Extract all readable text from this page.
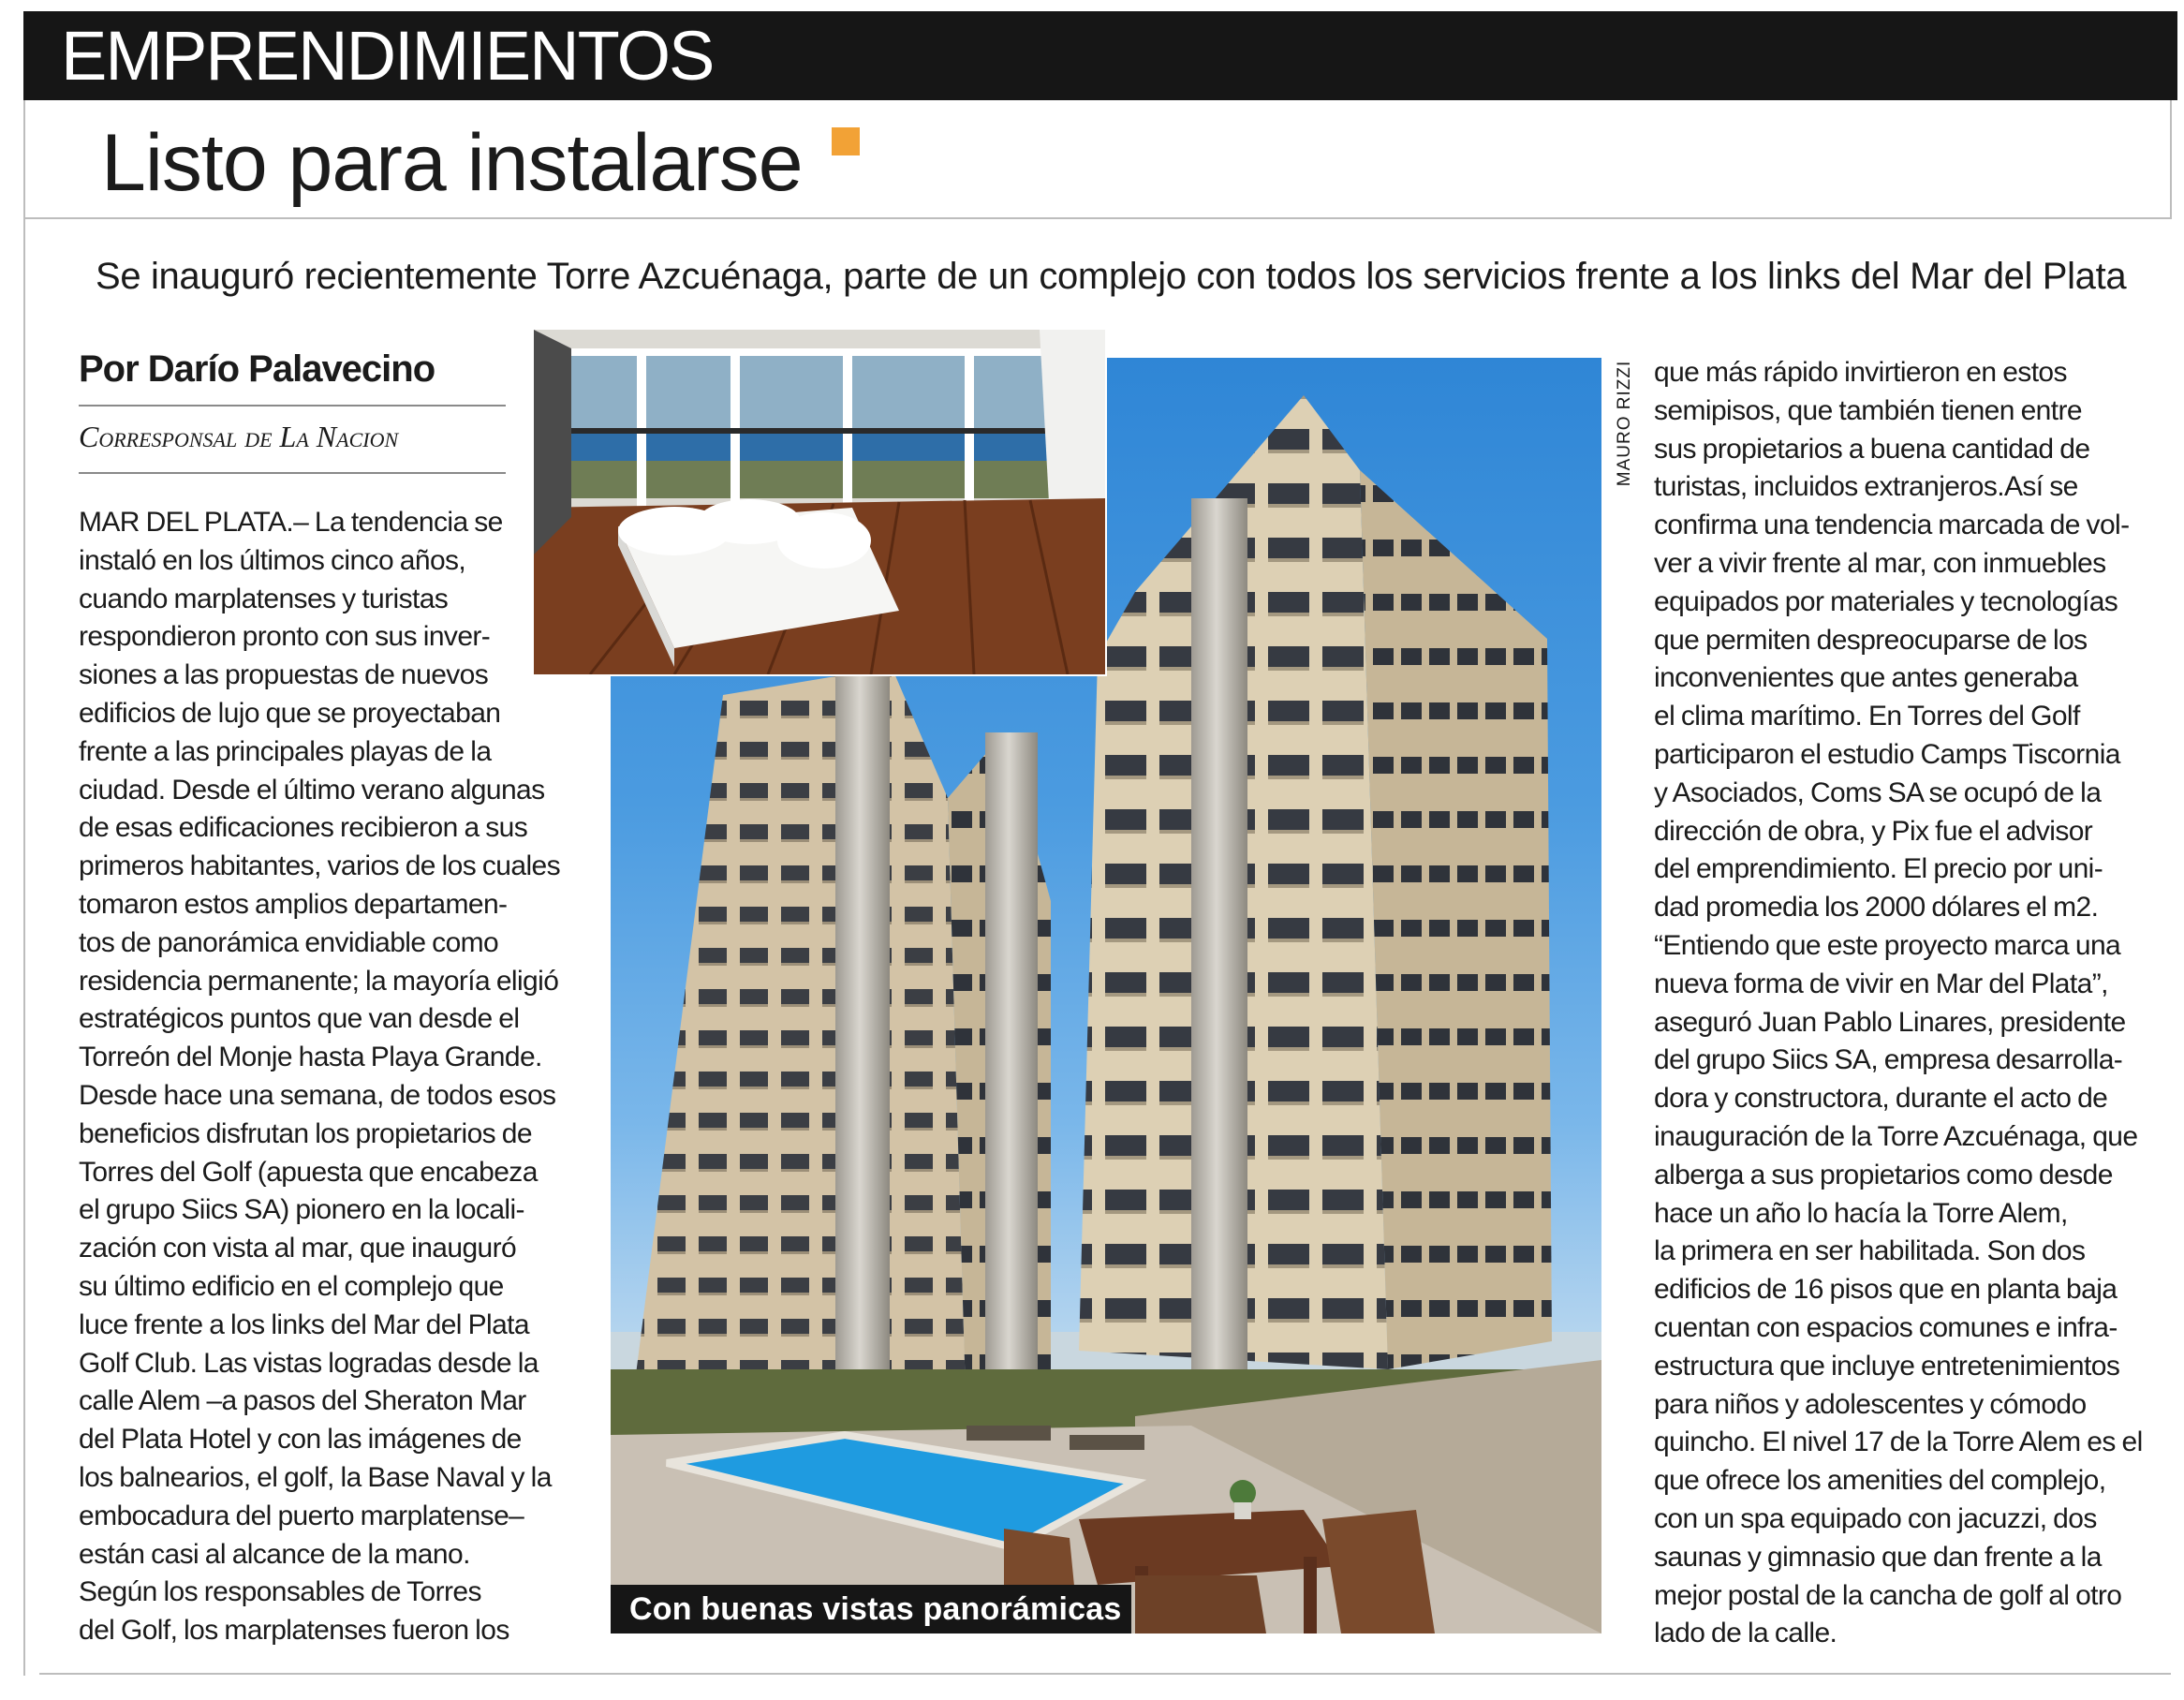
EMPRENDIMIENTOS
Listo para instalarse
Se inauguró recientemente Torre Azcuénaga, parte de un complejo con todos los servicios frente a los links del Mar del Plata
Por Darío Palavecino
Corresponsal de La Nacion
MAR DEL PLATA.– La tendencia se
instaló en los últimos cinco años,
cuando marplatenses y turistas
respondieron pronto con sus inver-
siones a las propuestas de nuevos
edificios de lujo que se proyectaban
frente a las principales playas de la
ciudad. Desde el último verano algunas
de esas edificaciones recibieron a sus
primeros habitantes, varios de los cuales
tomaron estos amplios departamen-
tos de panorámica envidiable como
residencia permanente; la mayoría eligió
estratégicos puntos que van desde el
Torreón del Monje hasta Playa Grande.
Desde hace una semana, de todos esos
beneficios disfrutan los propietarios de
Torres del Golf (apuesta que encabeza
el grupo Siics SA) pionero en la locali-
zación con vista al mar, que inauguró
su último edificio en el complejo que
luce frente a los links del Mar del Plata
Golf Club. Las vistas logradas desde la
calle Alem –a pasos del Sheraton Mar
del Plata Hotel y con las imágenes de
los balnearios, el golf, la Base Naval y la
embocadura del puerto marplatense–
están casi al alcance de la mano.
Según los responsables de Torres
del Golf, los marplatenses fueron los
MAURO RIZZI
Con buenas vistas panorámicas
que más rápido invirtieron en estos
semipisos, que también tienen entre
sus propietarios a buena cantidad de
turistas, incluidos extranjeros.Así se
confirma una tendencia marcada de vol-
ver a vivir frente al mar, con inmuebles
equipados por materiales y tecnologías
que permiten despreocuparse de los
inconvenientes que antes generaba
el clima marítimo. En Torres del Golf
participaron el estudio Camps Tiscornia
y Asociados, Coms SA se ocupó de la
dirección de obra, y Pix fue el advisor
del emprendimiento. El precio por uni-
dad promedia los 2000 dólares el m2.
“Entiendo que este proyecto marca una
nueva forma de vivir en Mar del Plata”,
aseguró Juan Pablo Linares, presidente
del grupo Siics SA, empresa desarrolla-
dora y constructora, durante el acto de
inauguración de la Torre Azcuénaga, que
alberga a sus propietarios como desde
hace un año lo hacía la Torre Alem,
la primera en ser habilitada. Son dos
edificios de 16 pisos que en planta baja
cuentan con espacios comunes e infra-
estructura que incluye entretenimientos
para niños y adolescentes y cómodo
quincho. El nivel 17 de la Torre Alem es el
que ofrece los amenities del complejo,
con un spa equipado con jacuzzi, dos
saunas y gimnasio que dan frente a la
mejor postal de la cancha de golf al otro
lado de la calle.
